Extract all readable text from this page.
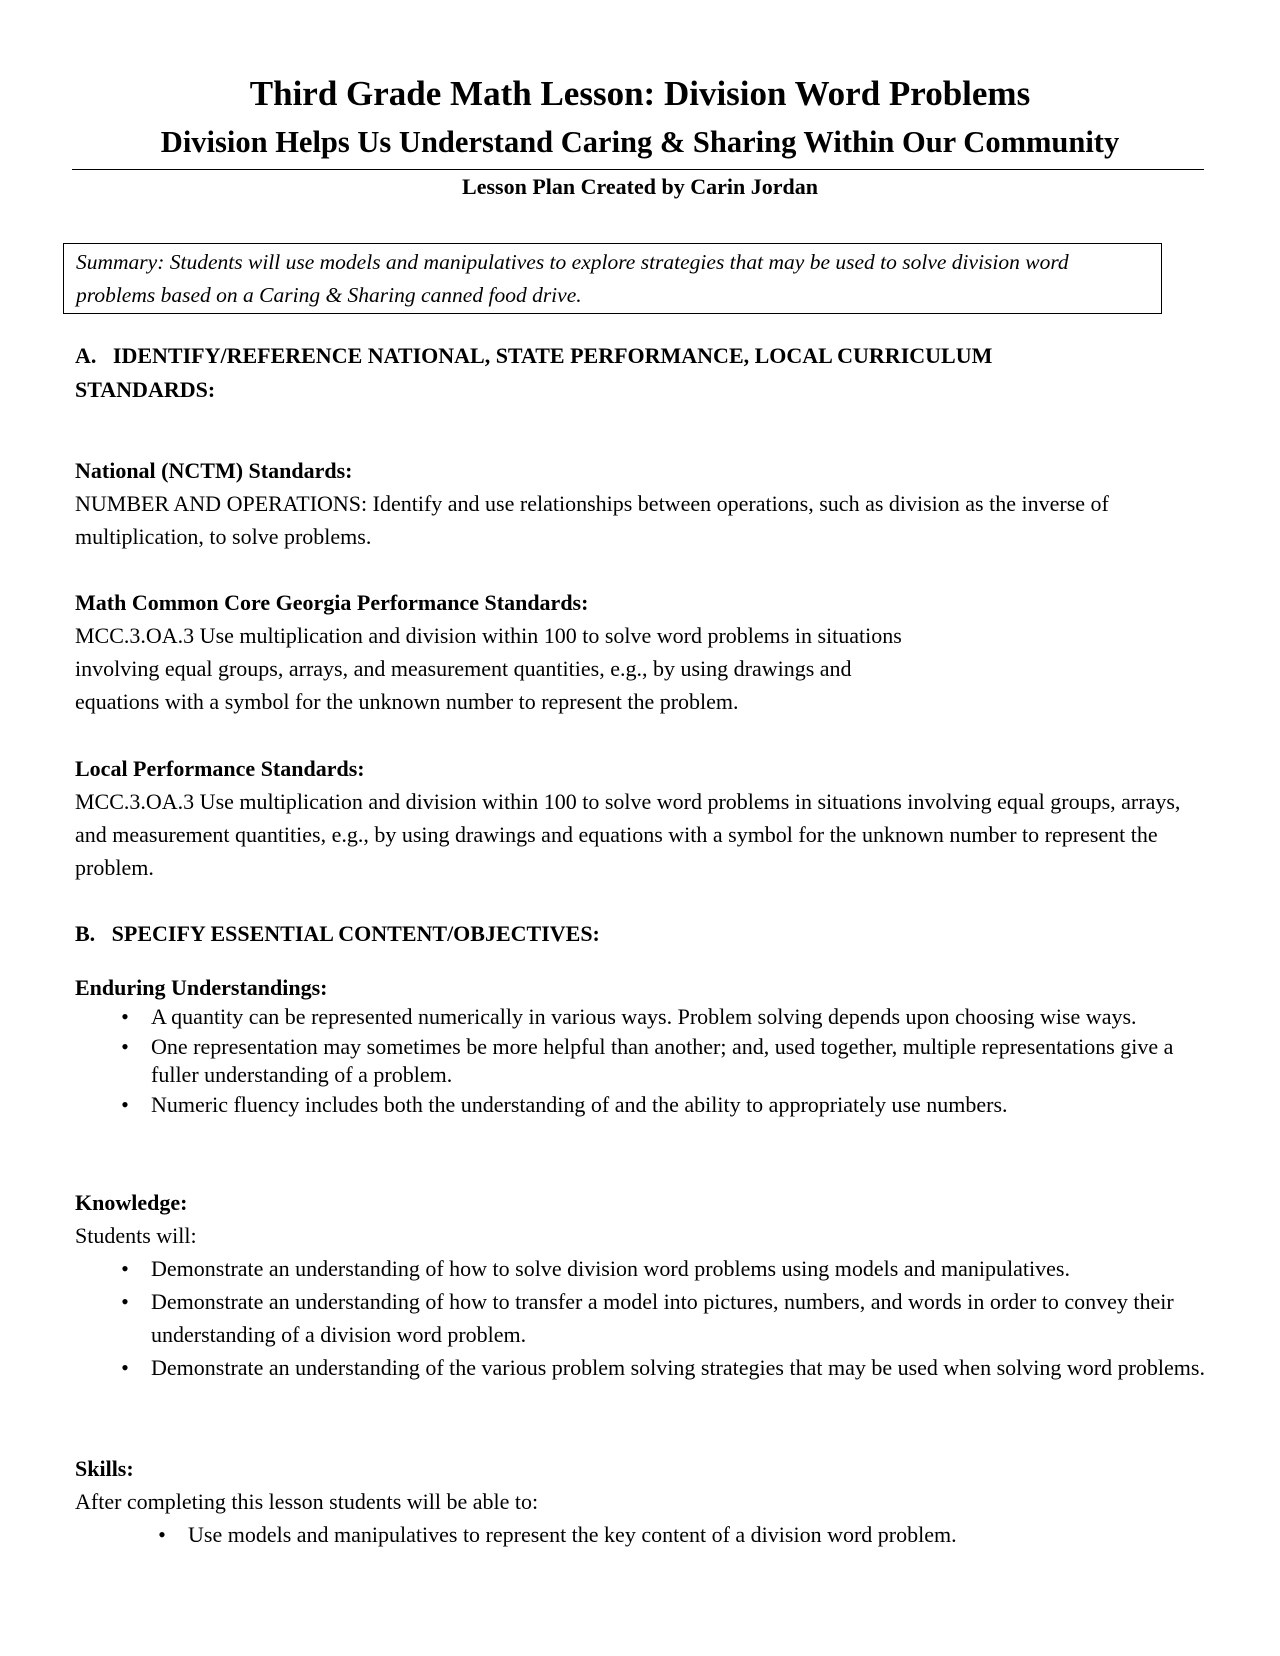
Third Grade Math Lesson: Division Word Problems
Division Helps Us Understand Caring & Sharing Within Our Community
Lesson Plan Created by Carin Jordan
Summary: Students will use models and manipulatives to explore strategies that may be used to solve division word problems based on a Caring & Sharing canned food drive.
A.   IDENTIFY/REFERENCE NATIONAL, STATE PERFORMANCE, LOCAL CURRICULUM
STANDARDS:
National (NCTM) Standards:

NUMBER AND OPERATIONS: Identify and use relationships between operations, such as division as the inverse of multiplication, to solve problems.

Math Common Core Georgia Performance Standards:
MCC.3.OA.3 Use multiplication and division within 100 to solve word problems in situations
involving equal groups, arrays, and measurement quantities, e.g., by using drawings and
equations with a symbol for the unknown number to represent the problem.
Local Performance Standards:

MCC.3.OA.3 Use multiplication and division within 100 to solve word problems in situations involving equal groups, arrays, and measurement quantities, e.g., by using drawings and equations with a symbol for the unknown number to represent the problem.

B.   SPECIFY ESSENTIAL CONTENT/OBJECTIVES:
Enduring Understandings:
• A quantity can be represented numerically in various ways. Problem solving depends upon choosing wise ways.
• One representation may sometimes be more helpful than another; and, used together, multiple representations give a fuller understanding of a problem.
• Numeric fluency includes both the understanding of and the ability to appropriately use numbers.
Knowledge:
Students will:
• Demonstrate an understanding of how to solve division word problems using models and manipulatives.
• Demonstrate an understanding of how to transfer a model into pictures, numbers, and words in order to convey their understanding of a division word problem.
• Demonstrate an understanding of the various problem solving strategies that may be used when solving word problems.
Skills:
After completing this lesson students will be able to:
• Use models and manipulatives to represent the key content of a division word problem.
